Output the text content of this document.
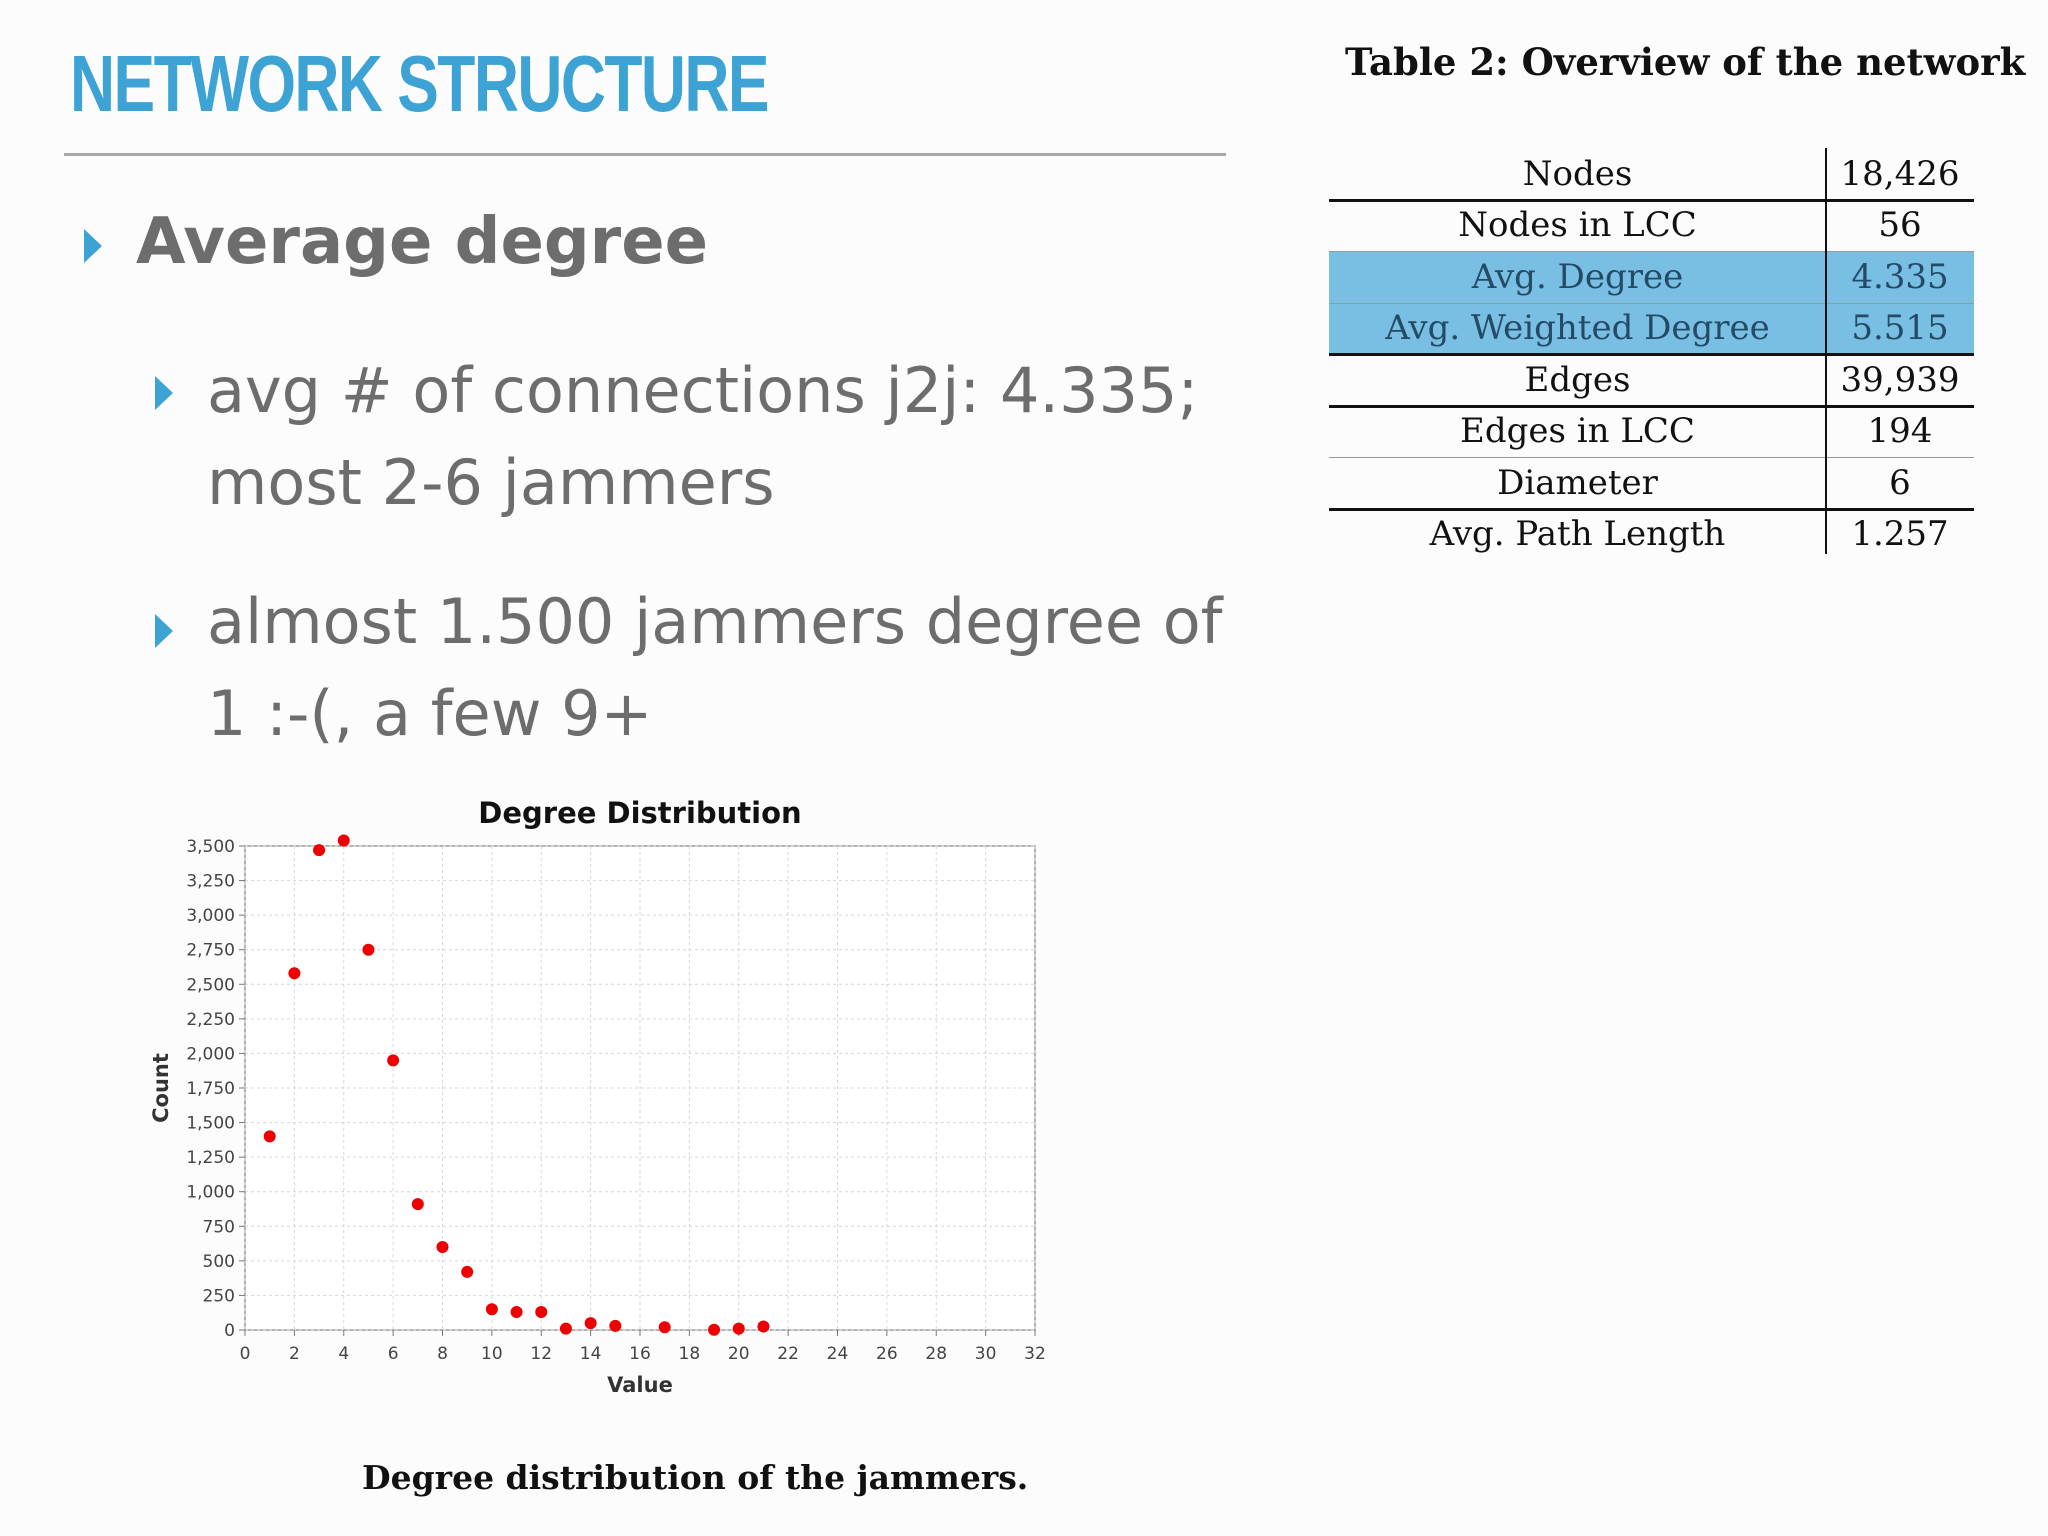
NETWORK STRUCTURE
Average degree
avg # of connections j2j: 4.335;
most 2-6 jammers
almost 1.500 jammers degree of
1 :-(, a few 9+
Table 2: Overview of the network
Nodes	18,426
Nodes in LCC	56
Avg. Degree	4.335
Avg. Weighted Degree	5.515
Edges	39,939
Edges in LCC	194
Diameter	6
Avg. Path Length	1.257
0
250
500
750
1,000
1,250
1,500
1,750
2,000
2,250
2,500
2,750
3,000
3,250
3,500
0 2 4 6 8 10 12 14 16 18 20 22 24 26 28 30 32
Degree Distribution
Value
Count
Degree distribution of the jammers.
